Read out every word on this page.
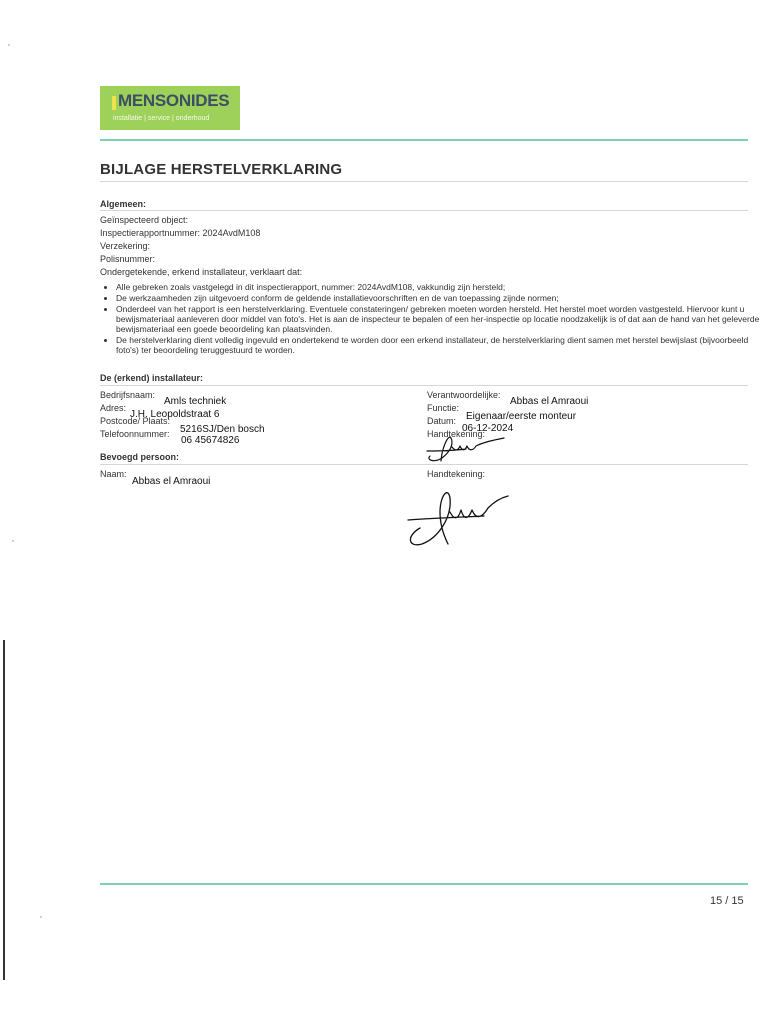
MENSONIDES
installatie | service | onderhoud
BIJLAGE HERSTELVERKLARING
Algemeen:
Geïnspecteerd object:
Inspectierapportnummer: 2024AvdM108
Verzekering:
Polisnummer:
Ondergetekende, erkend installateur, verklaart dat:
• Alle gebreken zoals vastgelegd in dit inspectierapport, nummer: 2024AvdM108, vakkundig zijn hersteld;
• De werkzaamheden zijn uitgevoerd conform de geldende installatievoorschriften en de van toepassing zijnde normen;
• Onderdeel van het rapport is een herstelverklaring. Eventuele constateringen/ gebreken moeten worden hersteld. Het herstel moet worden vastgesteld. Hiervoor kunt u bewijsmateriaal aanleveren door middel van foto's. Het is aan de inspecteur te bepalen of een her-inspectie op locatie noodzakelijk is of dat aan de hand van het geleverde bewijsmateriaal een goede beoordeling kan plaatsvinden.
• De herstelverklaring dient volledig ingevuld en ondertekend te worden door een erkend installateur, de herstelverklaring dient samen met herstel bewijslast (bijvoorbeeld foto's) ter beoordeling teruggestuurd te worden.
De (erkend) installateur:
Bedrijfsnaam:
Adres:
Postcode/ Plaats:
Telefoonnummer:
Amls techniek
J.H. Leopoldstraat 6
5216SJ/Den bosch
06 45674826
Verantwoordelijke:
Functie:
Datum:
Handtekening:
Abbas el Amraoui
Eigenaar/eerste monteur
06-12-2024
Bevoegd persoon:
Naam:
Abbas el Amraoui
Handtekening:
15 / 15
